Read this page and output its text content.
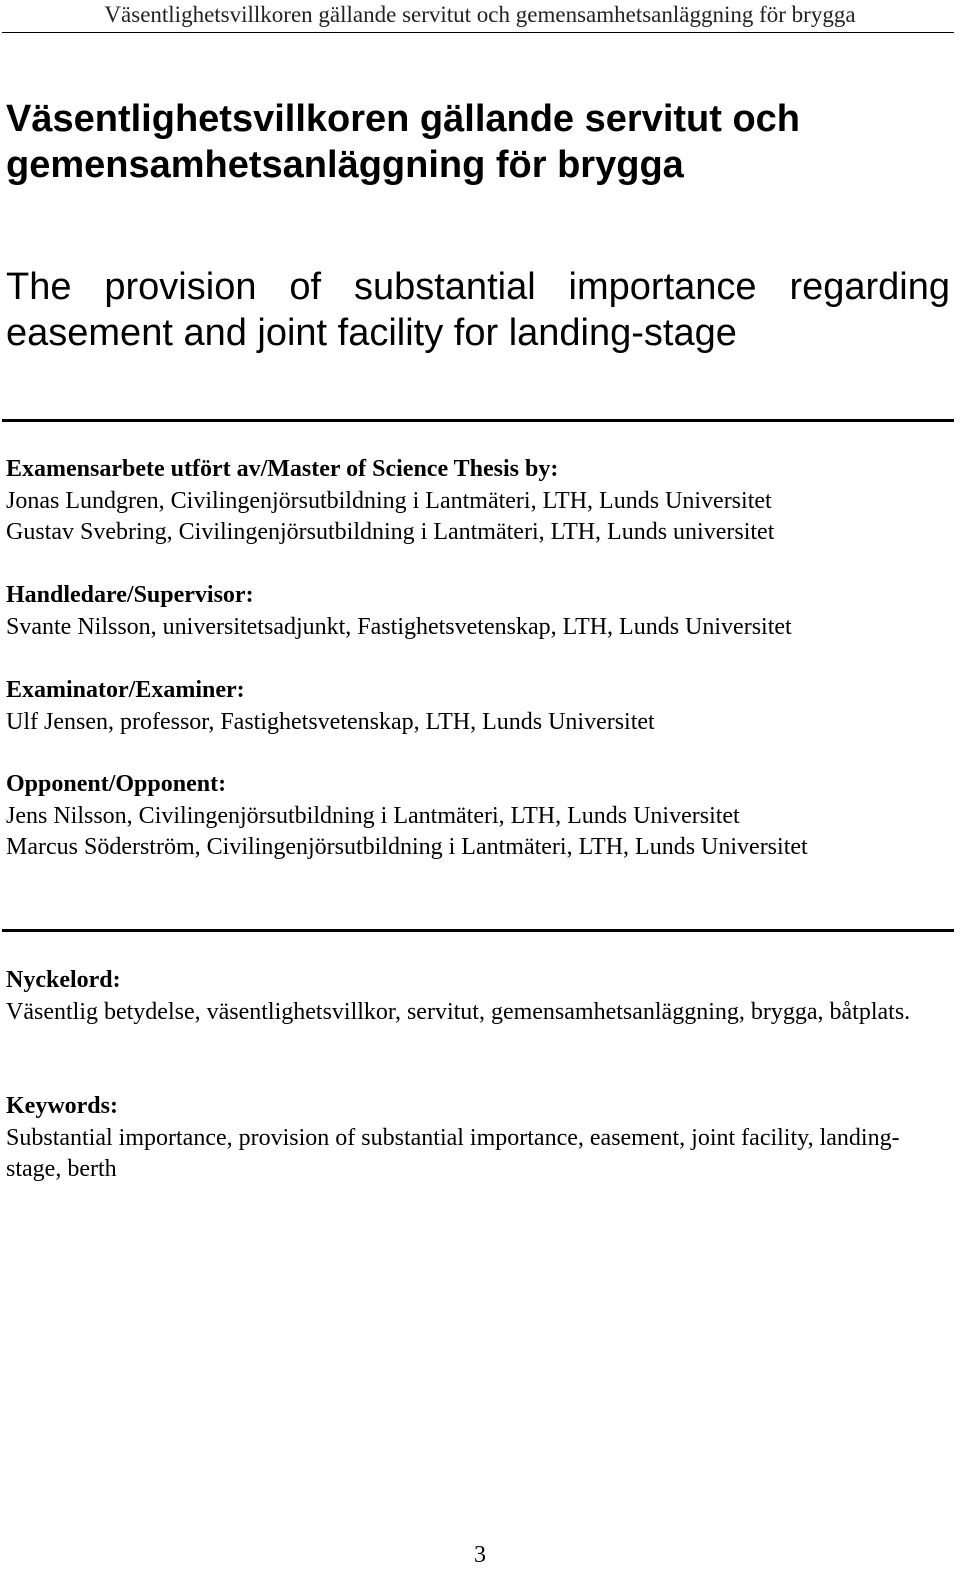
Väsentlighetsvillkoren gällande servitut och gemensamhetsanläggning för brygga
Väsentlighetsvillkoren gällande servitut och gemensamhetsanläggning för brygga
The provision of substantial importance regarding easement and joint facility for landing-stage
Examensarbete utfört av/Master of Science Thesis by:
Jonas Lundgren, Civilingenjörsutbildning i Lantmäteri, LTH, Lunds Universitet
Gustav Svebring, Civilingenjörsutbildning i Lantmäteri, LTH, Lunds universitet
Handledare/Supervisor:
Svante Nilsson, universitetsadjunkt, Fastighetsvetenskap, LTH, Lunds Universitet
Examinator/Examiner:
Ulf Jensen, professor, Fastighetsvetenskap, LTH, Lunds Universitet
Opponent/Opponent:
Jens Nilsson, Civilingenjörsutbildning i Lantmäteri, LTH, Lunds Universitet
Marcus Söderström, Civilingenjörsutbildning i Lantmäteri, LTH, Lunds Universitet
Nyckelord:
Väsentlig betydelse, väsentlighetsvillkor, servitut, gemensamhetsanläggning, brygga, båtplats.
Keywords:
Substantial importance, provision of substantial importance, easement, joint facility, landing-stage, berth
3
